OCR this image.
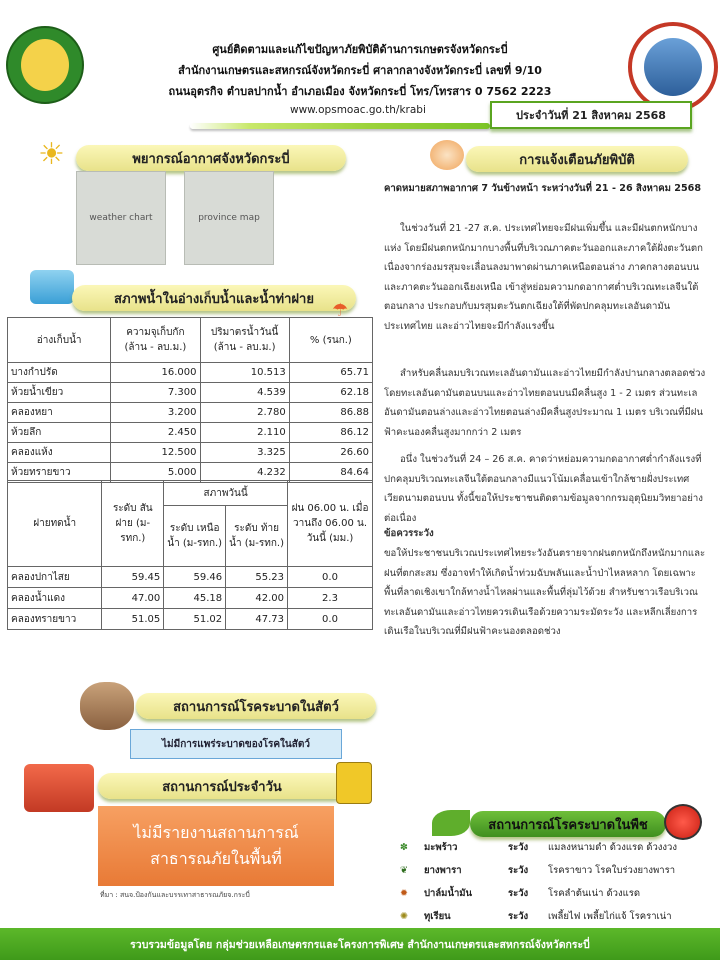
ศูนย์ติดตามและแก้ไขปัญหาภัยพิบัติด้านการเกษตรจังหวัดกระบี่
สำนักงานเกษตรและสหกรณ์จังหวัดกระบี่ ศาลากลางจังหวัดกระบี่ เลขที่ 9/10
ถนนอุตรกิจ ตำบลปากน้ำ อำเภอเมือง จังหวัดกระบี่ โทร/โทรสาร 0 7562 2223
www.opsmoac.go.th/krabi	ประจำวันที่ 21 สิงหาคม 2568
☀	พยากรณ์อากาศจังหวัดกระบี่
weather chart	province map
สภาพน้ำในอ่างเก็บน้ำและน้ำท่าฝาย
☂
อ่างเก็บน้ำ	ความจุเก็บกัก (ล้าน - ลบ.ม.)	ปริมาตรน้ำวันนี้ (ล้าน - ลบ.ม.)	% (รนก.)
บางกำปรัด	16.000	10.513	65.71
ห้วยน้ำเขียว	7.300	4.539	62.18
คลองหยา	3.200	2.780	86.88
ห้วยลึก	2.450	2.110	86.12
คลองแห้ง	12.500	3.325	26.60
ห้วยทรายขาว	5.000	4.232	84.64
ฝายทดน้ำ	ระดับ สันฝาย (ม-รทก.)	สภาพวันนี้		ฝน 06.00 น. เมื่อวานถึง 06.00 น. วันนี้ (มม.)
		ระดับ เหนือน้ำ (ม-รทก.)	ระดับ ท้ายน้ำ (ม-รทก.)	
คลองปกาไสย	59.45	59.46	55.23	0.0
คลองน้ำแดง	47.00	45.18	42.00	2.3
คลองทรายขาว	51.05	51.02	47.73	0.0
การแจ้งเตือนภัยพิบัติ
คาดหมายสภาพอากาศ 7 วันข้างหน้า ระหว่างวันที่ 21 - 26 สิงหาคม 2568
ในช่วงวันที่ 21 -27 ส.ค. ประเทศไทยจะมีฝนเพิ่มขึ้น และมีฝนตกหนักบางแห่ง โดยมีฝนตกหนักมากบางพื้นที่บริเวณภาคตะวันออกและภาคใต้ฝั่งตะวันตก เนื่องจากร่องมรสุมจะเลื่อนลงมาพาดผ่านภาคเหนือตอนล่าง ภาคกลางตอนบน และภาคตะวันออกเฉียงเหนือ เข้าสู่หย่อมความกดอากาศต่ำบริเวณทะเลจีนใต้ตอนกลาง ประกอบกับมรสุมตะวันตกเฉียงใต้ที่พัดปกคลุมทะเลอันดามัน ประเทศไทย และอ่าวไทยจะมีกำลังแรงขึ้น
สำหรับคลื่นลมบริเวณทะเลอันดามันและอ่าวไทยมีกำลังปานกลางตลอดช่วง โดยทะเลอันดามันตอนบนและอ่าวไทยตอนบนมีคลื่นสูง 1 - 2 เมตร ส่วนทะเลอันดามันตอนล่างและอ่าวไทยตอนล่างมีคลื่นสูงประมาณ 1 เมตร บริเวณที่มีฝนฟ้าคะนองคลื่นสูงมากกว่า 2 เมตร
อนึ่ง ในช่วงวันที่ 24 – 26 ส.ค. คาดว่าหย่อมความกดอากาศต่ำกำลังแรงที่ปกคลุมบริเวณทะเลจีนใต้ตอนกลางมีแนวโน้มเคลื่อนเข้าใกล้ชายฝั่งประเทศเวียดนามตอนบน ทั้งนี้ขอให้ประชาชนติดตามข้อมูลจากกรมอุตุนิยมวิทยาอย่างต่อเนื่อง
ข้อควรระวัง
ขอให้ประชาชนบริเวณประเทศไทยระวังอันตรายจากฝนตกหนักถึงหนักมากและฝนที่ตกสะสม ซึ่งอาจทำให้เกิดน้ำท่วมฉับพลันและน้ำป่าไหลหลาก โดยเฉพาะพื้นที่ลาดเชิงเขาใกล้ทางน้ำไหลผ่านและพื้นที่ลุ่มไว้ด้วย สำหรับชาวเรือบริเวณทะเลอันดามันและอ่าวไทยควรเดินเรือด้วยความระมัดระวัง และหลีกเลี่ยงการเดินเรือในบริเวณที่มีฝนฟ้าคะนองตลอดช่วง
สถานการณ์โรคระบาดในสัตว์
ไม่มีการแพร่ระบาดของโรคในสัตว์
สถานการณ์ประจำวัน
ไม่มีรายงานสถานการณ์สาธารณภัยในพื้นที่
ที่มา : สนจ.ป้องกันและบรรเทาสาธารณภัยจ.กระบี่
สถานการณ์โรคระบาดในพืช
✽	มะพร้าว	ระวัง	แมลงหนามดำ ด้วงแรด ด้วงงวง
❦	ยางพารา	ระวัง	โรคราขาว โรคใบร่วงยางพารา
✹	ปาล์มน้ำมัน	ระวัง	โรคลำต้นเน่า ด้วงแรด
✺	ทุเรียน	ระวัง	เพลี้ยไฟ เพลี้ยไก่แจ้ โรคราเน่า
รวบรวมข้อมูลโดย กลุ่มช่วยเหลือเกษตรกรและโครงการพิเศษ สำนักงานเกษตรและสหกรณ์จังหวัดกระบี่
